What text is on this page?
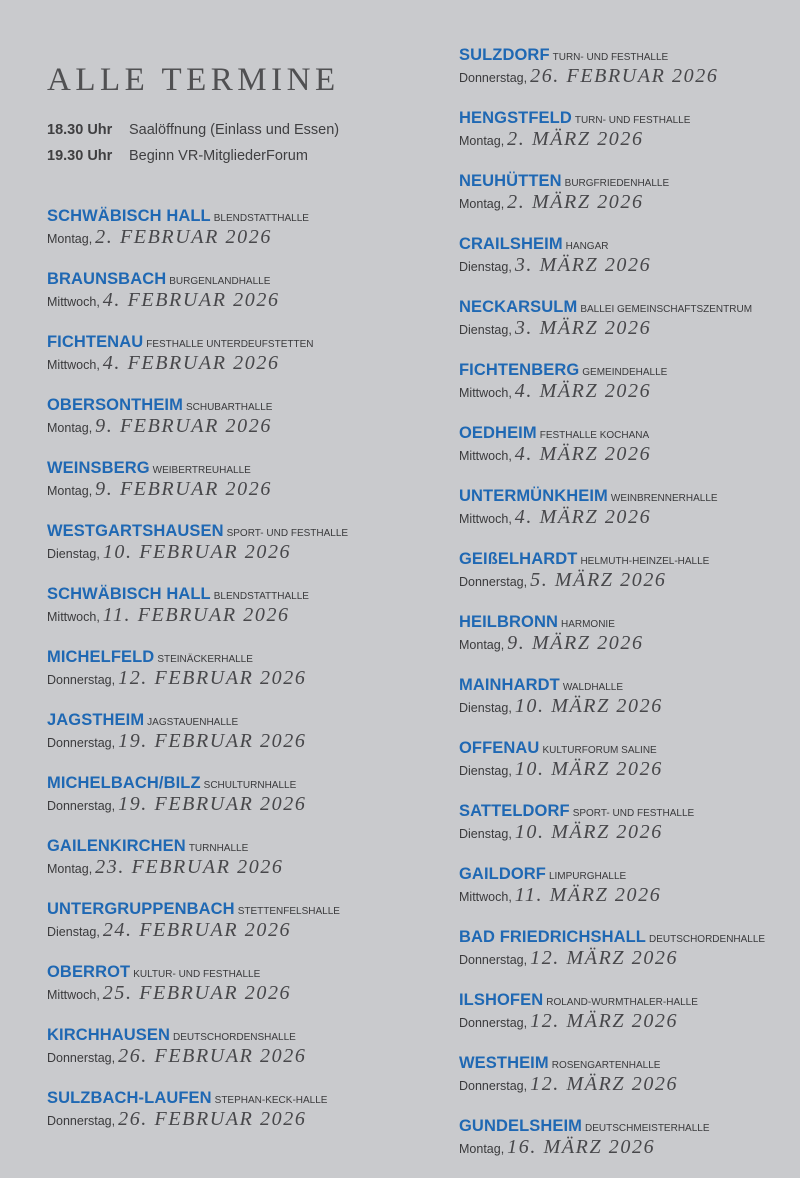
ALLE TERMINE
18.30 Uhr Saalöffnung (Einlass und Essen)
19.30 Uhr Beginn VR-MitgliederForum
SCHWÄBISCH HALL BLENDSTATTHALLE
Montag, 2. FEBRUAR 2026
BRAUNSBACH BURGENLANDHALLE
Mittwoch, 4. FEBRUAR 2026
FICHTENAU FESTHALLE UNTERDEUFSTETTEN
Mittwoch, 4. FEBRUAR 2026
OBERSONTHEIM SCHUBARTHALLE
Montag, 9. FEBRUAR 2026
WEINSBERG WEIBERTREUHALLE
Montag, 9. FEBRUAR 2026
WESTGARTSHAUSEN SPORT- UND FESTHALLE
Dienstag, 10. FEBRUAR 2026
SCHWÄBISCH HALL BLENDSTATTHALLE
Mittwoch, 11. FEBRUAR 2026
MICHELFELD STEINÄCKERHALLE
Donnerstag, 12. FEBRUAR 2026
JAGSTHEIM JAGSTAUENHALLE
Donnerstag, 19. FEBRUAR 2026
MICHELBACH/BILZ SCHULTURNHALLE
Donnerstag, 19. FEBRUAR 2026
GAILENKIRCHEN TURNHALLE
Montag, 23. FEBRUAR 2026
UNTERGRUPPENBACH STETTENFELSHALLE
Dienstag, 24. FEBRUAR 2026
OBERROT KULTUR- UND FESTHALLE
Mittwoch, 25. FEBRUAR 2026
KIRCHHAUSEN DEUTSCHORDENSHALLE
Donnerstag, 26. FEBRUAR 2026
SULZBACH-LAUFEN STEPHAN-KECK-HALLE
Donnerstag, 26. FEBRUAR 2026
SULZDORF TURN- UND FESTHALLE
Donnerstag, 26. FEBRUAR 2026
HENGSTFELD TURN- UND FESTHALLE
Montag, 2. MÄRZ 2026
NEUHÜTTEN BURGFRIEDENHALLE
Montag, 2. MÄRZ 2026
CRAILSHEIM HANGAR
Dienstag, 3. MÄRZ 2026
NECKARSULM BALLEI GEMEINSCHAFTSZENTRUM
Dienstag, 3. MÄRZ 2026
FICHTENBERG GEMEINDEHALLE
Mittwoch, 4. MÄRZ 2026
OEDHEIM FESTHALLE KOCHANA
Mittwoch, 4. MÄRZ 2026
UNTERMÜNKHEIM WEINBRENNERHALLE
Mittwoch, 4. MÄRZ 2026
GEIßELHARDT HELMUTH-HEINZEL-HALLE
Donnerstag, 5. MÄRZ 2026
HEILBRONN HARMONIE
Montag, 9. MÄRZ 2026
MAINHARDT WALDHALLE
Dienstag, 10. MÄRZ 2026
OFFENAU KULTURFORUM SALINE
Dienstag, 10. MÄRZ 2026
SATTELDORF SPORT- UND FESTHALLE
Dienstag, 10. MÄRZ 2026
GAILDORF LIMPURGHALLE
Mittwoch, 11. MÄRZ 2026
BAD FRIEDRICHSHALL DEUTSCHORDENHALLE
Donnerstag, 12. MÄRZ 2026
ILSHOFEN ROLAND-WURMTHALER-HALLE
Donnerstag, 12. MÄRZ 2026
WESTHEIM ROSENGARTENHALLE
Donnerstag, 12. MÄRZ 2026
GUNDELSHEIM DEUTSCHMEISTERHALLE
Montag, 16. MÄRZ 2026
